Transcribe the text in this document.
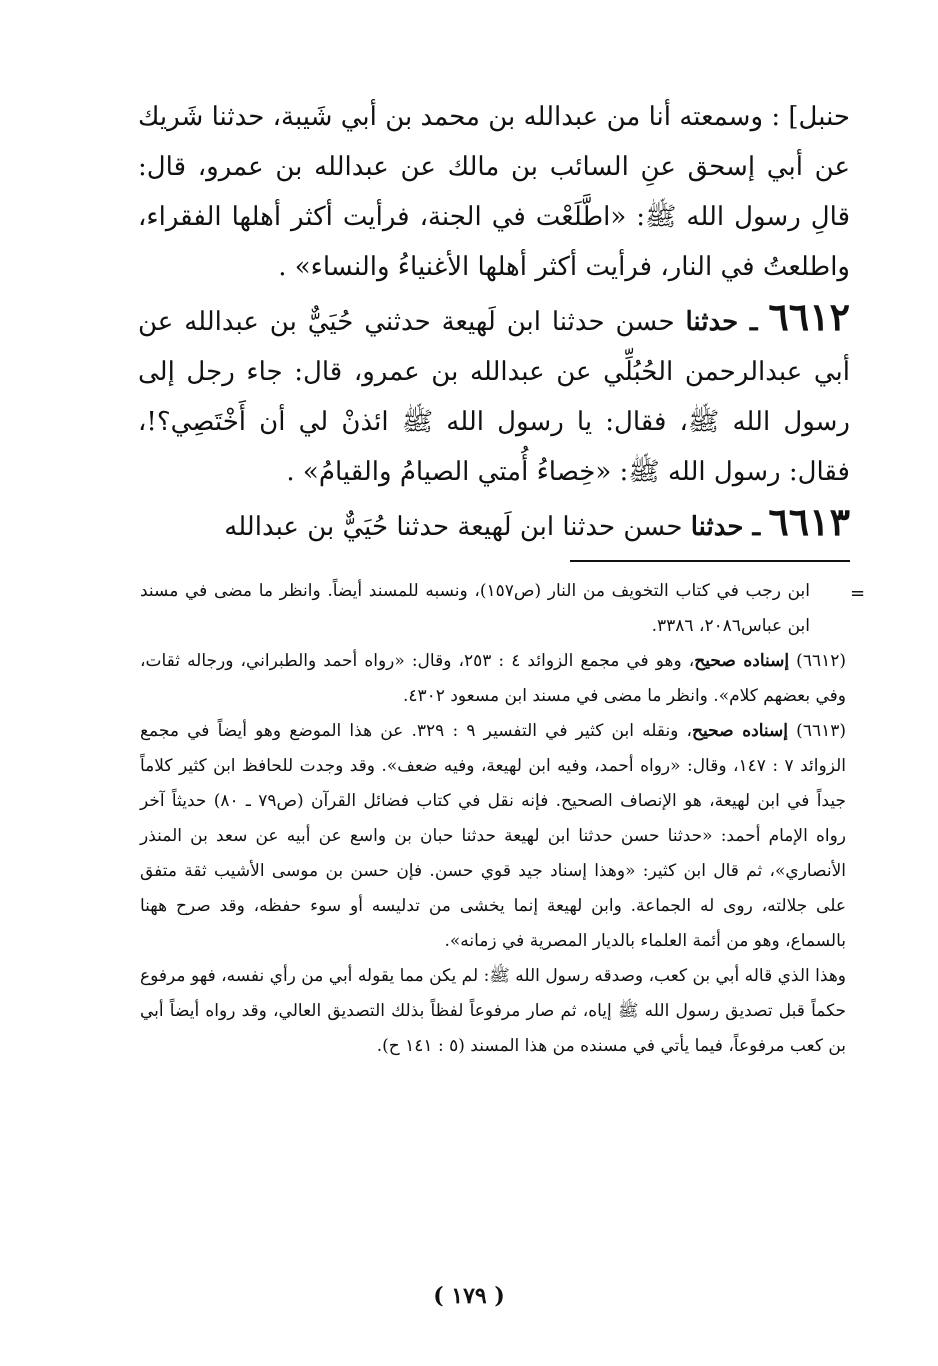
حنبل] : وسمعته أنا من عبدالله بن محمد بن أبي شَيبة، حدثنا شَريك عن أبي إسحق عنِ السائب بن مالك عن عبدالله بن عمرو، قال: قالِ رسول الله ﷺ: «اطَّلَعْت في الجنة، فرأيت أكثر أهلها الفقراء، واطلعتُ في النار، فرأيت أكثر أهلها الأغنياءُ والنساء» .

٦٦١٢ ـ حدثنا حسن حدثنا ابن لَهيعة حدثني حُيَيٌّ بن عبدالله عن أبي عبدالرحمن الحُبُلِّي عن عبدالله بن عمرو، قال: جاء رجل إلى رسول الله ﷺ، فقال: يا رسول الله ﷺ ائذنْ لي أن أَخْتَصِي؟!، فقال: رسول الله ﷺ: «خِصاءُ أُمتي الصيامُ والقيامُ» .

٦٦١٣ ـ حدثنا حسن حدثنا ابن لَهيعة حدثنا حُيَيٌّ بن عبدالله

=

ابن رجب في كتاب التخويف من النار (ص١٥٧)، ونسبه للمسند أيضاً. وانظر ما مضى في مسند ابن عباس٢٠٨٦، ٣٣٨٦.

(٦٦١٢) إسناده صحيح، وهو في مجمع الزوائد ٤ : ٢٥٣، وقال: «رواه أحمد والطبراني، ورجاله ثقات، وفي بعضهم كلام». وانظر ما مضى في مسند ابن مسعود ٤٣٠٢.

(٦٦١٣) إسناده صحيح، ونقله ابن كثير في التفسير ٩ : ٣٢٩. عن هذا الموضع وهو أيضاً في مجمع الزوائد ٧ : ١٤٧، وقال: «رواه أحمد، وفيه ابن لهيعة، وفيه ضعف». وقد وجدت للحافظ ابن كثير كلاماً جيداً في ابن لهيعة، هو الإنصاف الصحيح. فإنه نقل في كتاب فضائل القرآن (ص٧٩ ـ ٨٠) حديثاً آخر رواه الإمام أحمد: «حدثنا حسن حدثنا ابن لهيعة حدثنا حبان بن واسع عن أبيه عن سعد بن المنذر الأنصاري»، ثم قال ابن كثير: «وهذا إسناد جيد قوي حسن. فإن حسن بن موسى الأشيب ثقة متفق على جلالته، روى له الجماعة. وابن لهيعة إنما يخشى من تدليسه أو سوء حفظه، وقد صرح ههنا بالسماع، وهو من أئمة العلماء بالديار المصرية في زمانه».

وهذا الذي قاله أبي بن كعب، وصدقه رسول الله ﷺ: لم يكن مما يقوله أبي من رأي نفسه، فهو مرفوع حكماً قبل تصديق رسول الله ﷺ إياه، ثم صار مرفوعاً لفظاً بذلك التصديق العالي، وقد رواه أيضاً أبي بن كعب مرفوعاً، فيما يأتي في مسنده من هذا المسند (٥ : ١٤١ ح).

( ١٧٩ )
